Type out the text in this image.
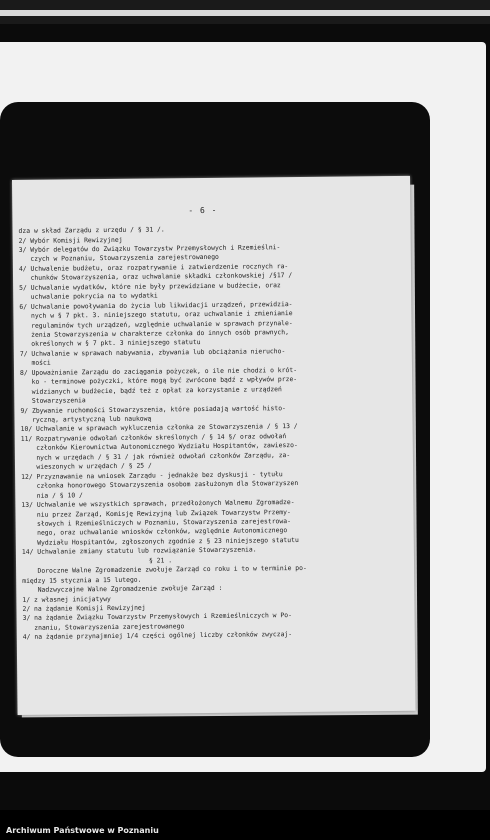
- 6 -
dza w skład Zarządu z urzędu / § 31 /.
2/ Wybór Komisji Rewizyjnej
3/ Wybór delegatów do Związku Towarzystw Przemysłowych i Rzemieślni-
czych w Poznaniu, Stowarzyszenia zarejestrowanego
4/ Uchwalenie budżetu, oraz rozpatrywanie i zatwierdzenie rocznych ra-
chunków Stowarzyszenia, oraz uchwalanie składki członkowskiej /§17 /
5/ Uchwalanie wydatków, które nie były przewidziane w budżecie, oraz
uchwalanie pokrycia na to wydatki
6/ Uchwalanie powoływania do życia lub likwidacji urządzeń, przewidzia-
nych w § 7 pkt. 3. niniejszego statutu, oraz uchwalanie i zmienianie
regulaminów tych urządzeń, względnie uchwalanie w sprawach przynale-
żenia Stowarzyszenia w charakterze członka do innych osób prawnych,
określonych w § 7 pkt. 3 niniejszego statutu
7/ Uchwalanie w sprawach nabywania, zbywania lub obciążania nierucho-
mości
8/ Upoważnianie Zarządu do zaciągania pożyczek, o ile nie chodzi o krót-
ko - terminowe pożyczki, które mogą być zwrócone bądź z wpływów prze-
widzianych w budżecie, bądź też z opłat za korzystanie z urządzeń
Stowarzyszenia
9/ Zbywanie ruchomości Stowarzyszenia, które posiadają wartość histo-
ryczną, artystyczną lub naukową
10/ Uchwalanie w sprawach wykluczenia członka ze Stowarzyszenia / § 13 /
11/ Rozpatrywanie odwołań członków skreślonych / § 14 §/ oraz odwołań
członków Kierownictwa Autonomicznego Wydziału Hospitantów, zawieszo-
nych w urzędach / § 31 / jak również odwołań członków Zarządu, za-
wieszonych w urzędach / § 25 /
12/ Przyznawanie na wniosek Zarządu - jednakże bez dyskusji - tytułu
członka honorowego Stowarzyszenia osobom zasłużonym dla Stowarzyszen
nia / § 10 /
13/ Uchwalanie we wszystkich sprawach, przedłożonych Walnemu Zgromadze-
niu przez Zarząd, Komisję Rewizyjną lub Związek Towarzystw Przemy-
słowych i Rzemieślniczych w Poznaniu, Stowarzyszenia zarejestrowa-
nego, oraz uchwalanie wniosków członków, względnie Autonomicznego
Wydziału Hospitantów, zgłoszonych zgodnie z § 23 niniejszego statutu
14/ Uchwalanie zmiany statutu lub rozwiązanie Stowarzyszenia.
§ 21 .
Doroczne Walne Zgromadzenie zwołuje Zarząd co roku i to w terminie po-
między 15 stycznia a 15 lutego.
Nadzwyczajne Walne Zgromadzenie zwołuje Zarząd :
1/ z własnej inicjatywy
2/ na żądanie Komisji Rewizyjnej
3/ na żądanie Związku Towarzystw Przemysłowych i Rzemieślniczych w Po-
znaniu, Stowarzyszenia zarejestrowanego
4/ na żądanie przynajmniej 1/4 części ogólnej liczby członków zwyczaj-
Archiwum Państwowe w Poznaniu
